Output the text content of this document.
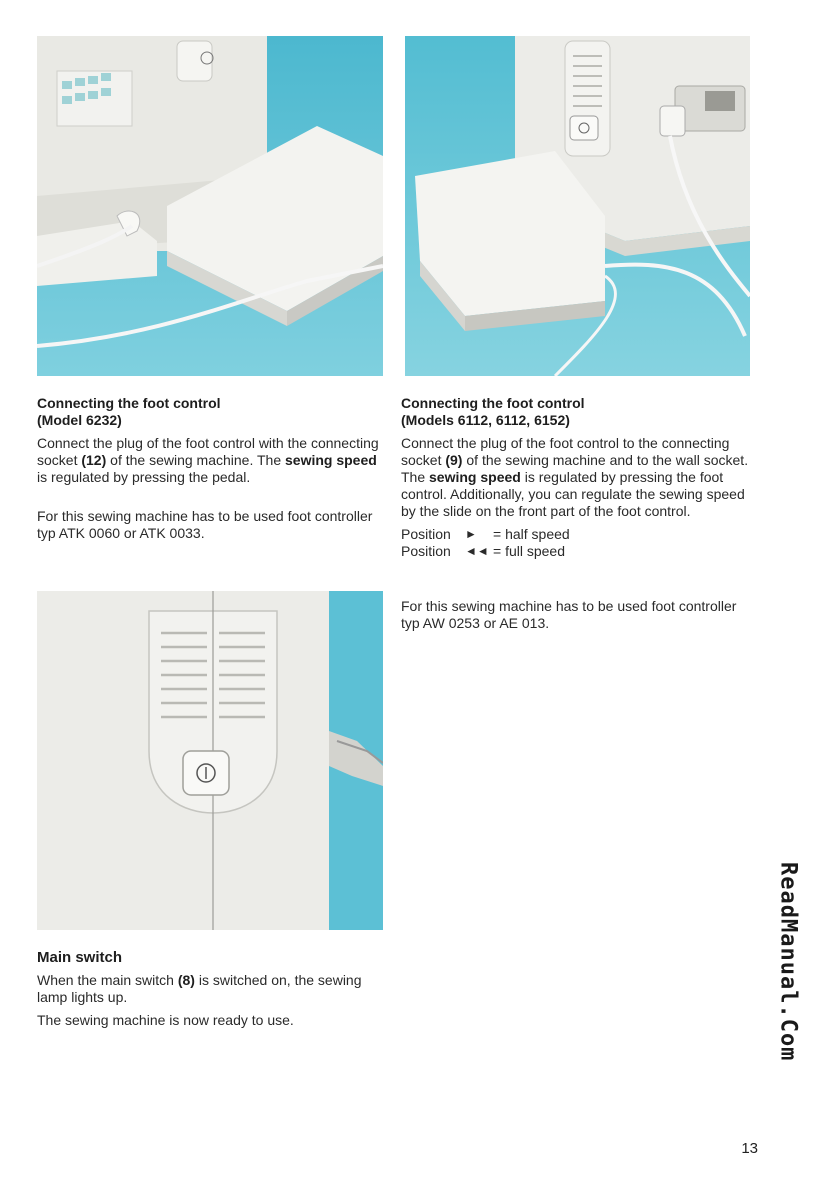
Connecting the foot control
(Model 6232)

Connect the plug of the foot control with the connecting socket (12) of the sewing machine. The sewing speed is regulated by pressing the pedal.

For this sewing machine has to be used foot controller typ ATK 0060 or ATK 0033.

Connecting the foot control
(Models 6112, 6112, 6152)

Connect the plug of the foot control to the connecting socket (9) of the sewing machine and to the wall socket. The sewing speed is regulated by pressing the foot control. Additionally, you can regulate the sewing speed by the slide on the front part of the foot control.

Position	►	= half speed
Position	◄◄ = full speed

For this sewing machine has to be used foot controller typ AW 0253 or AE 013.

Main switch

When the main switch (8) is switched on, the sewing lamp lights up.

The sewing machine is now ready to use.	ReadManual.Com
13
